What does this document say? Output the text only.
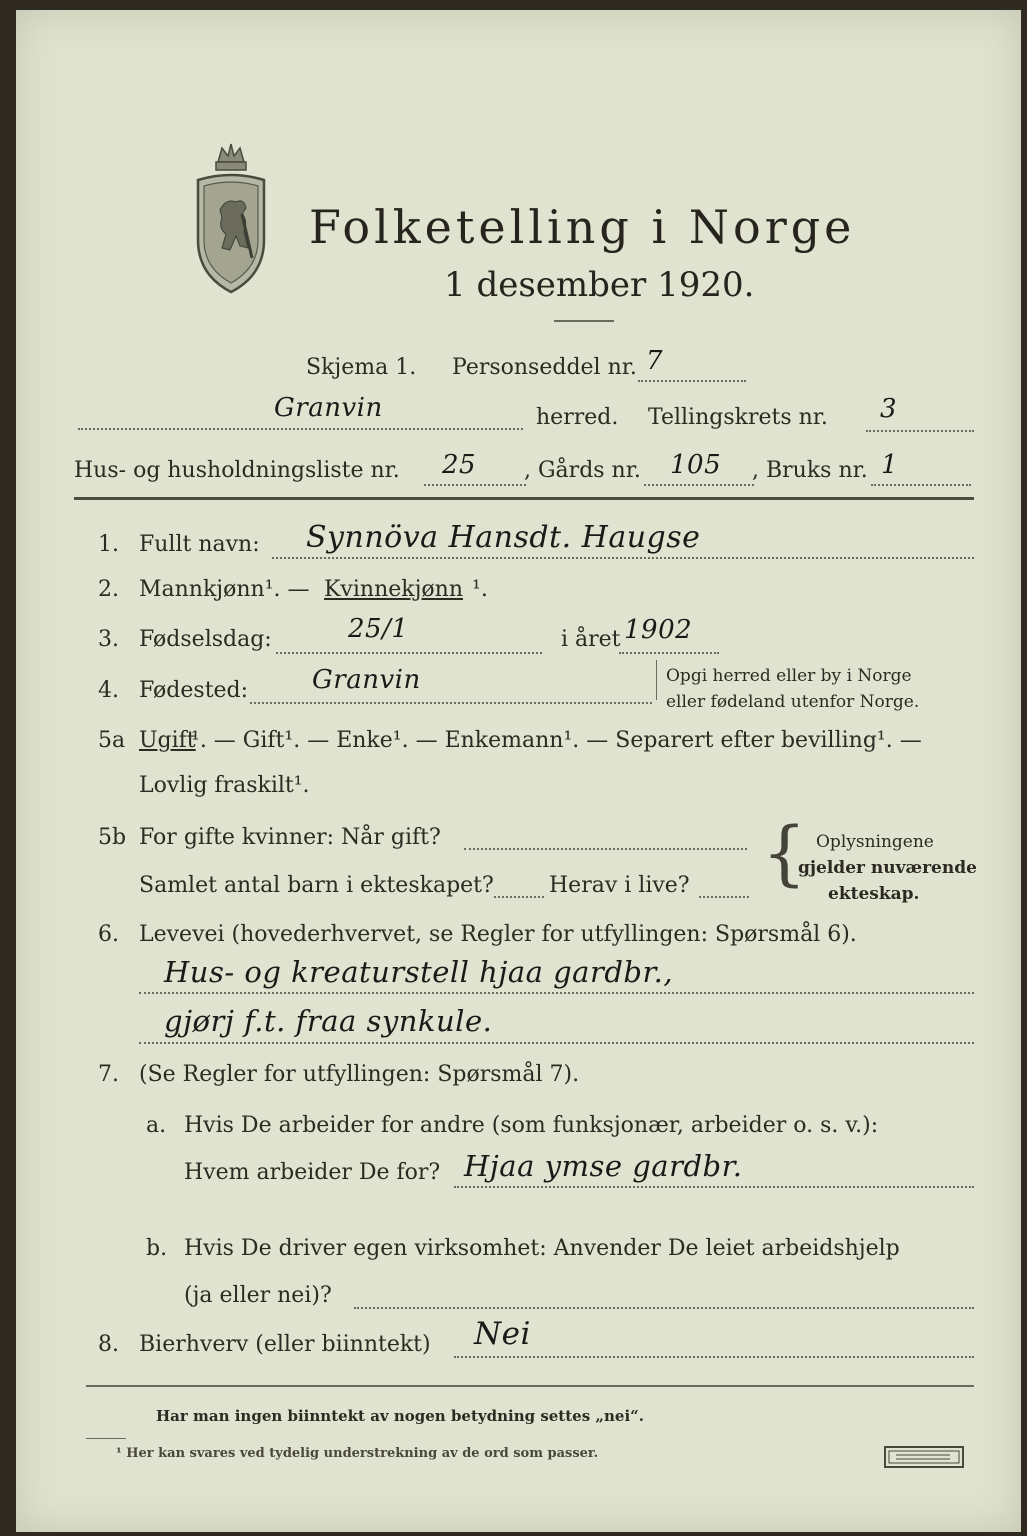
Folketelling i Norge
1 desember 1920.
Skjema 1. Personseddel nr. 7
Granvin	herred. Tellingskrets nr. 3
Hus- og husholdningsliste nr. 25 , Gårds nr. 105 , Bruks nr. 1
1. Fullt navn: Synnöva Hansdt. Haugse
2. Mannkjønn¹. — Kvinnekjønn ¹.
3. Fødselsdag:	25/1	i året 1902
4. Fødested: Granvin	Opgi herred eller by i Norge
eller fødeland utenfor Norge.
5a Ugift
¹. — Gift¹. — Enke¹. — Enkemann¹. — Separert efter bevilling¹. —
Lovlig fraskilt¹.
5b For gifte kvinner: Når gift?
Samlet antal barn i ekteskapet?	Herav i live? { Oplysningene
gjelder nuværende
ekteskap.
6. Levevei (hovederhvervet, se Regler for utfyllingen: Spørsmål 6).
Hus- og kreaturstell hjaa gardbr.,
gjørj f.t. fraa synkule.
7. (Se Regler for utfyllingen: Spørsmål 7).
a. Hvis De arbeider for andre (som funksjonær, arbeider o. s. v.):
Hvem arbeider De for? Hjaa ymse gardbr.
b. Hvis De driver egen virksomhet: Anvender De leiet arbeidshjelp
(ja eller nei)?
8. Bierhverv (eller biinntekt) Nei
Har man ingen biinntekt av nogen betydning settes „nei“.
¹ Her kan svares ved tydelig understrekning av de ord som passer.
